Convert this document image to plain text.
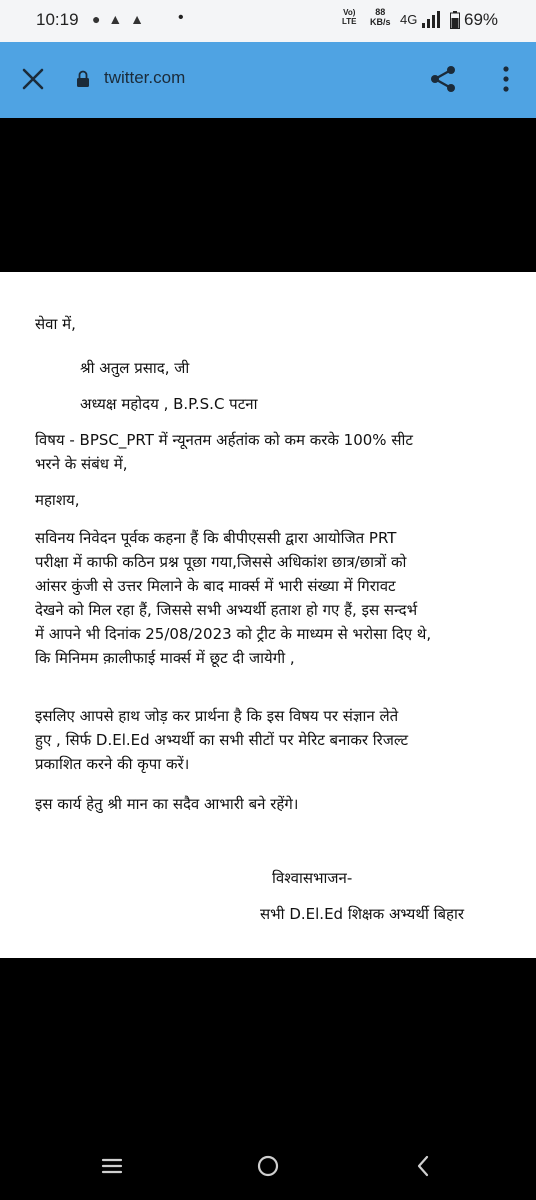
10:19 ● ▲ ▲ •	Vo)
LTE
88
KB/s 4G	69%
twitter.com
सेवा में,
श्री अतुल प्रसाद, जी
अध्यक्ष महोदय , B.P.S.C पटना
विषय - BPSC_PRT में न्यूनतम अर्हतांक को कम करके 100% सीट
भरने के संबंध में,
महाशय,
सविनय निवेदन पूर्वक कहना हैं कि बीपीएससी द्वारा आयोजित PRT
परीक्षा में काफी कठिन प्रश्न पूछा गया,जिससे अधिकांश छात्र/छात्रों को
आंसर कुंजी से उत्तर मिलाने के बाद मार्क्स में भारी संख्या में गिरावट
देखने को मिल रहा हैं, जिससे सभी अभ्यर्थी हताश हो गए हैं, इस सन्दर्भ
में आपने भी दिनांक 25/08/2023 को ट्रीट के माध्यम से भरोसा दिए थे,
कि मिनिमम क़ालीफाई मार्क्स में छूट दी जायेगी ,
इसलिए आपसे हाथ जोड़ कर प्रार्थना है कि इस विषय पर संज्ञान लेते
हुए , सिर्फ D.El.Ed अभ्यर्थी का सभी सीटों पर मेरिट बनाकर रिजल्ट
प्रकाशित करने की कृपा करें।
इस कार्य हेतु श्री मान का सदैव आभारी बने रहेंगे।
विश्वासभाजन-
सभी D.El.Ed शिक्षक अभ्यर्थी बिहार
